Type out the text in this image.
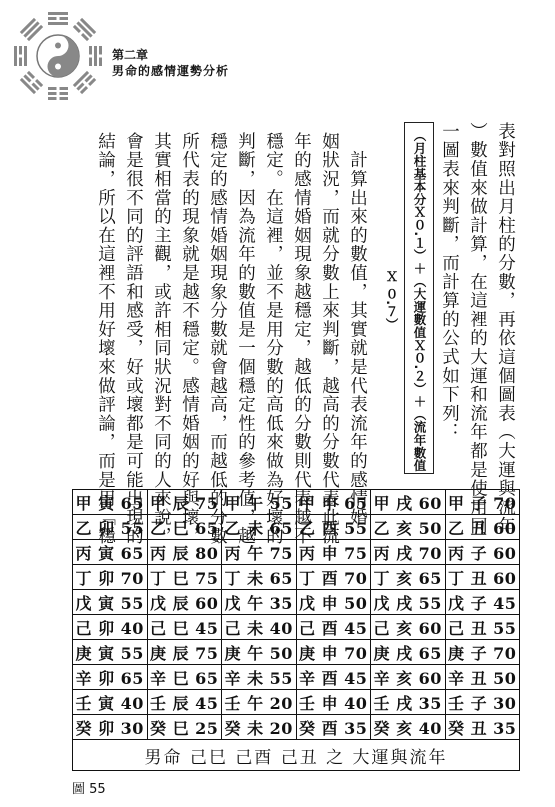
第二章
男命的感情運勢分析
表對照出月柱的分數，再依這個圖表（大運與流年
）數值來做計算，在這裡的大運和流年都是使用同
一圖表來判斷，而計算的公式如下列：
（月柱基本分Ｘ０.１）＋（大運數值Ｘ０.２）＋（流年數值 Ｘ ０.７）
　計算出來的數值，其實就是代表流年的感情婚
姻狀況，而就分數上來判斷，越高的分數代表此流
年的感情婚姻現象越穩定，越低的分數則代表越不
穩定。在這裡，並不是用分數的高低來做為好壞的
判斷，因為流年的數值是一個穩定性的參考值，越
穩定的感情婚姻現象分數就會越高，而越低的分數
所代表的現象就是越不穩定。感情婚姻的好與壞，
其實相當的主觀，或許相同狀況對不同的人來說，
會是很不同的評語和感受，好或壞都是可能出現的
結論，所以在這裡不用好壞來做評論，而是用「穩
甲 寅 65	甲 辰 75	甲 午 55	甲 申 65	甲 戌 60	甲 子 70
乙 卯 55	乙 巳 65	乙 未 65	乙 酉 55	乙 亥 50	乙 丑 60
丙 寅 65	丙 辰 80	丙 午 75	丙 申 75	丙 戌 70	丙 子 60
丁 卯 70	丁 巳 75	丁 未 65	丁 酉 70	丁 亥 65	丁 丑 60
戊 寅 55	戊 辰 60	戊 午 35	戊 申 50	戊 戌 55	戊 子 45
己 卯 40	己 巳 45	己 未 40	己 酉 45	己 亥 60	己 丑 55
庚 寅 55	庚 辰 75	庚 午 50	庚 申 70	庚 戌 65	庚 子 70
辛 卯 65	辛 巳 65	辛 未 55	辛 酉 45	辛 亥 60	辛 丑 50
壬 寅 40	壬 辰 45	壬 午 20	壬 申 40	壬 戌 35	壬 子 30
癸 卯 30	癸 巳 25	癸 未 20	癸 酉 35	癸 亥 40	癸 丑 35
男命 己巳 己酉 己丑 之 大運與流年					
圖 55
